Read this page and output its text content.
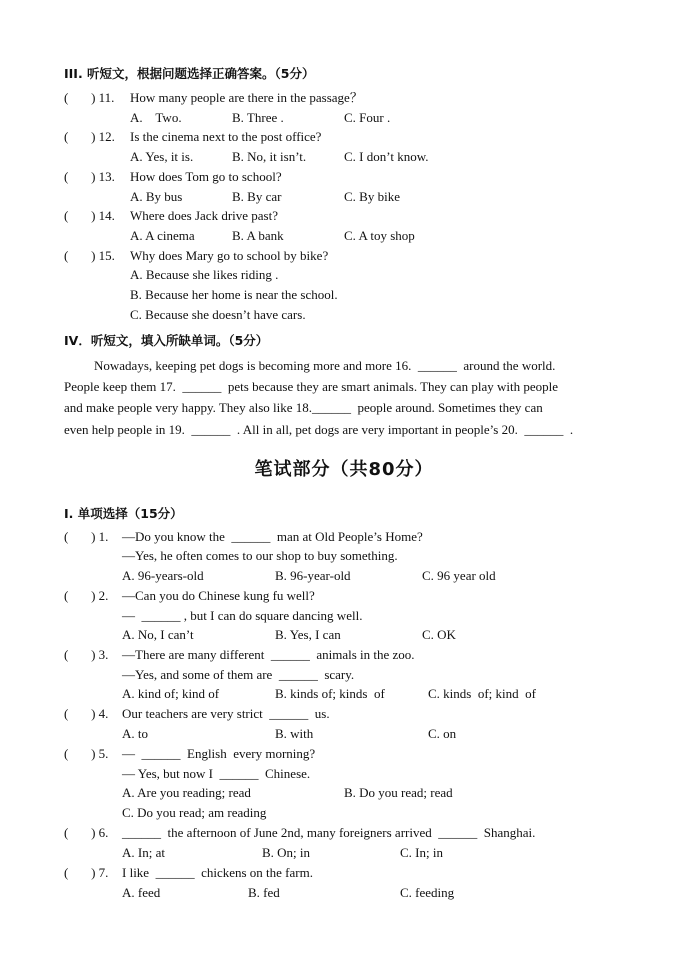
III. 听短文，根据问题选择正确答案。（5分）
(       ) 11. How many people are there in the passage？
A.    Two.	B. Three .	C. Four .
(       ) 12. Is the cinema next to the post office?
A. Yes, it is.	B. No, it isn’t.	C. I don’t know.
(       ) 13. How does Tom go to school?
A. By bus	B. By car	C. By bike
(       ) 14. Where does Jack drive past?
A. A cinema	B. A bank	C. A toy shop
(       ) 15. Why does Mary go to school by bike?
A. Because she likes riding .
B. Because her home is near the school.
C. Because she doesn’t have cars.
IV．听短文，填入所缺单词。（5分）
Nowadays, keeping pet dogs is becoming more and more 16.  ______  around the world.
People keep them 17.  ______  pets because they are smart animals. They can play with people
and make people very happy. They also like 18.______  people around. Sometimes they can
even help people in 19.  ______  . All in all, pet dogs are very important in people’s 20.  ______  .
笔试部分（共80分）
I. 单项选择（15分）
(       ) 1. —Do you know the  ______  man at Old People’s Home?
—Yes, he often comes to our shop to buy something.
A. 96-years-old	B. 96-year-old	C. 96 year old
(       ) 2. —Can you do Chinese kung fu well?
—  ______ , but I can do square dancing well.
A. No, I can’t	B. Yes, I can	C. OK
(       ) 3. —There are many different  ______  animals in the zoo.
—Yes, and some of them are  ______  scary.
A. kind of; kind of	B. kinds of; kinds  of	C. kinds  of; kind  of
(       ) 4. Our teachers are very strict  ______  us.
A. to	B. with	C. on
(       ) 5. —  ______  English  every morning?
— Yes, but now I  ______  Chinese.
A. Are you reading; read	B. Do you read; read
C. Do you read; am reading
(       ) 6. ______  the afternoon of June 2nd, many foreigners arrived  ______  Shanghai.
A. In; at	B. On; in	C. In; in
(       ) 7. I like  ______  chickens on the farm.
A. feed	B. fed	C. feeding
